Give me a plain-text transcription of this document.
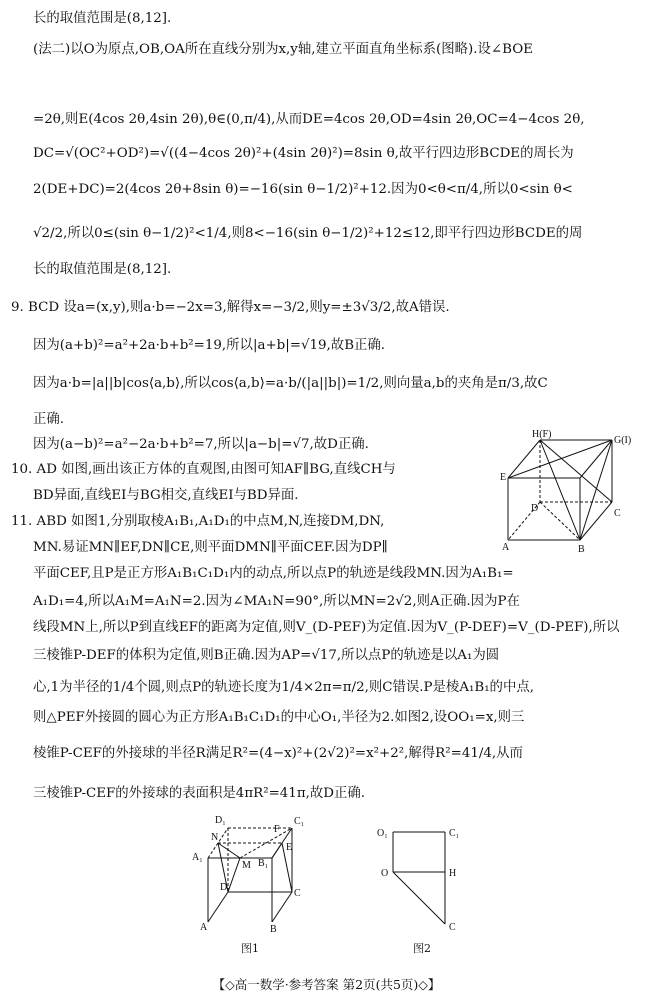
长的取值范围是(8,12].
(法二)以O为原点,OB,OA所在直线分别为x,y轴,建立平面直角坐标系(图略).设∠BOE
=2θ,则E(4cos 2θ,4sin 2θ),θ∈(0,π/4),从而DE=4cos 2θ,OD=4sin 2θ,OC=4−4cos 2θ,
DC=√(OC²+OD²)=√((4−4cos 2θ)²+(4sin 2θ)²)=8sin θ,故平行四边形BCDE的周长为
2(DE+DC)=2(4cos 2θ+8sin θ)=−16(sin θ−1/2)²+12.因为0<θ<π/4,所以0<sin θ<
√2/2,所以0≤(sin θ−1/2)²<1/4,则8<−16(sin θ−1/2)²+12≤12,即平行四边形BCDE的周
长的取值范围是(8,12].
9. BCD 设a=(x,y),则a·b=−2x=3,解得x=−3/2,则y=±3√3/2,故A错误.
因为(a+b)²=a²+2a·b+b²=19,所以|a+b|=√19,故B正确.
因为a·b=|a||b|cos⟨a,b⟩,所以cos⟨a,b⟩=a·b/(|a||b|)=1/2,则向量a,b的夹角是π/3,故C
正确.
因为(a−b)²=a²−2a·b+b²=7,所以|a−b|=√7,故D正确.
10. AD 如图,画出该正方体的直观图,由图可知AF∥BG,直线CH与
BD异面,直线EI与BG相交,直线EI与BD异面.
11. ABD 如图1,分别取棱A₁B₁,A₁D₁的中点M,N,连接DM,DN,
MN.易证MN∥EF,DN∥CE,则平面DMN∥平面CEF.因为DP∥
平面CEF,且P是正方形A₁B₁C₁D₁内的动点,所以点P的轨迹是线段MN.因为A₁B₁=
A₁D₁=4,所以A₁M=A₁N=2.因为∠MA₁N=90°,所以MN=2√2,则A正确.因为P在
线段MN上,所以P到直线EF的距离为定值,则V_(D-PEF)为定值.因为V_(P-DEF)=V_(D-PEF),所以
三棱锥P-DEF的体积为定值,则B正确.因为AP=√17,所以点P的轨迹是以A₁为圆
心,1为半径的1/4个圆,则点P的轨迹长度为1/4×2π=π/2,则C错误.P是棱A₁B₁的中点,
则△PEF外接圆的圆心为正方形A₁B₁C₁D₁的中心O₁,半径为2.如图2,设OO₁=x,则三
棱锥P-CEF的外接球的半径R满足R²=(4−x)²+(2√2)²=x²+2²,解得R²=41/4,从而
三棱锥P-CEF的外接球的表面积是4πR²=41π,故D正确.
H(F)
G(I)
E
D	C
A	B
D₁
N
A₁
M B₁
F
C₁
E
D
C
A	B
图1
O₁	C₁
O	H
C
图2
【◇高一数学·参考答案 第2页(共5页)◇】
